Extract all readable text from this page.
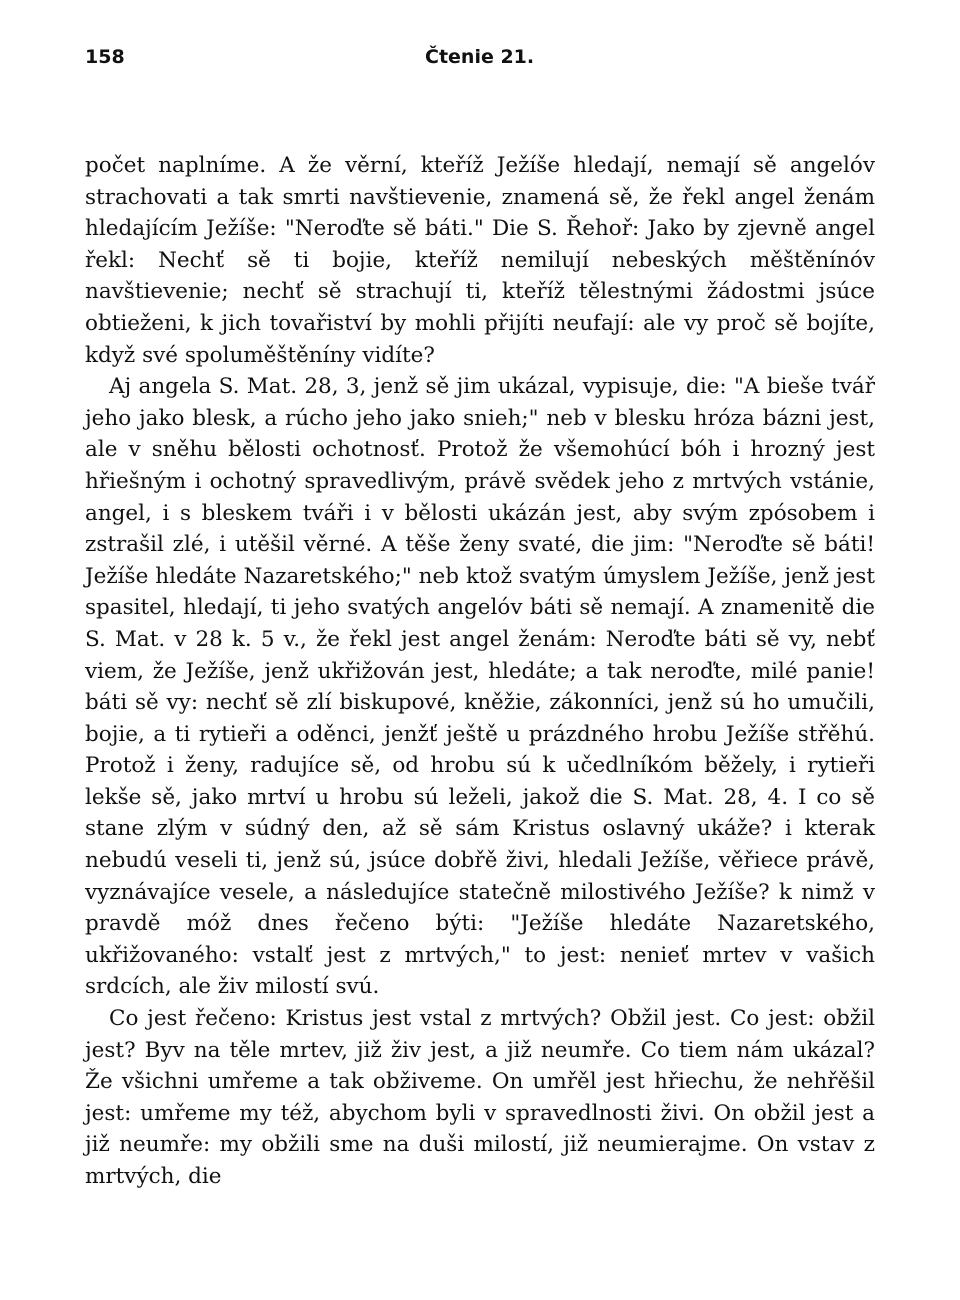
158	Čtenie 21.

počet naplníme. A že věrní, kteříž Ježíše hledají, nemají sě angelóv strachovati a tak smrti navštievenie, znamená sě, že řekl angel ženám hledajícím Ježíše: "Neroďte sě báti." Die S. Řehoř: Jako by zjevně angel řekl: Nechť sě ti bojie, kteříž nemilují nebeských měštěnínóv navštievenie; nechť sě strachují ti, kteříž tělestnými žádostmi jsúce obtieženi, k jich tovařiství by mohli přijíti neufají: ale vy proč sě bojíte, když své spoluměštěníny vidíte?

Aj angela S. Mat. 28, 3, jenž sě jim ukázal, vypisuje, die: "A bieše tvář jeho jako blesk, a rúcho jeho jako snieh;" neb v blesku hróza bázni jest, ale v sněhu bělosti ochotnosť. Protož že všemohúcí bóh i hrozný jest hřiešným i ochotný spravedlivým, právě svědek jeho z mrtvých vstánie, angel, i s bleskem tváři i v bělosti ukázán jest, aby svým zpósobem i zstrašil zlé, i utěšil věrné. A těše ženy svaté, die jim: "Neroďte sě báti! Ježíše hledáte Nazaretského;" neb ktož svatým úmyslem Ježíše, jenž jest spasitel, hledají, ti jeho svatých angelóv báti sě nemají. A znamenitě die S. Mat. v 28 k. 5 v., že řekl jest angel ženám: Neroďte báti sě vy, nebť viem, že Ježíše, jenž ukřižován jest, hledáte; a tak neroďte, milé panie! báti sě vy: nechť sě zlí biskupové, kněžie, zákonníci, jenž sú ho umučili, bojie, a ti rytieři a oděnci, jenžť ještě u prázdného hrobu Ježíše střěhú. Protož i ženy, radujíce sě, od hrobu sú k učedlníkóm běžely, i rytieři lekše sě, jako mrtví u hrobu sú leželi, jakož die S. Mat. 28, 4. I co sě stane zlým v súdný den, až sě sám Kristus oslavný ukáže? i kterak nebudú veseli ti, jenž sú, jsúce dobřě živi, hledali Ježíše, věřiece právě, vyznávajíce vesele, a následujíce statečně milostivého Ježíše? k nimž v pravdě móž dnes řečeno býti: "Ježíše hledáte Nazaretského, ukřižovaného: vstalť jest z mrtvých," to jest: nenieť mrtev v vašich srdcích, ale živ milostí svú.

Co jest řečeno: Kristus jest vstal z mrtvých? Obžil jest. Co jest: obžil jest? Byv na těle mrtev, již živ jest, a již neumře. Co tiem nám ukázal? Že všichni umřeme a tak obživeme. On umřěl jest hřiechu, že nehřěšil jest: umřeme my též, abychom byli v spravedlnosti živi. On obžil jest a již neumře: my obžili sme na duši milostí, již neumierajme. On vstav z mrtvých, die
